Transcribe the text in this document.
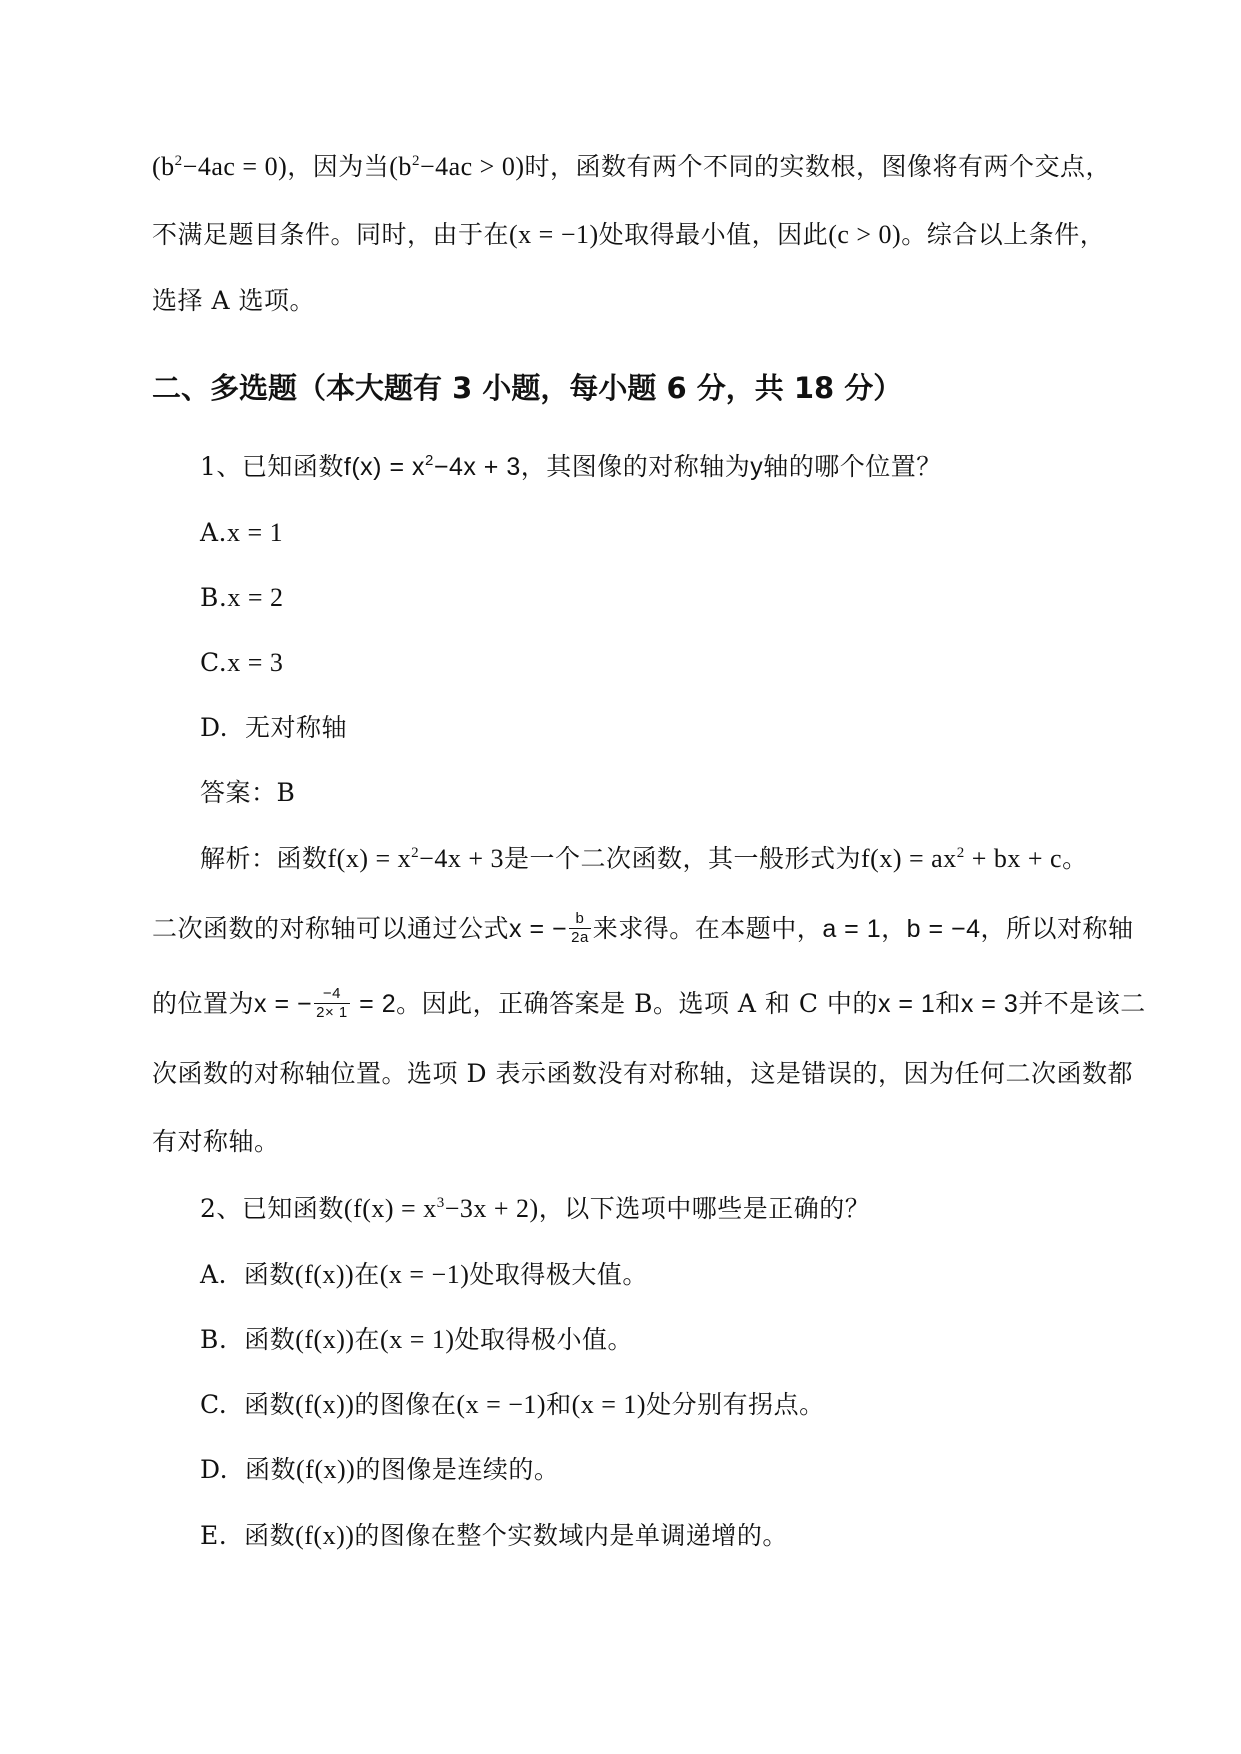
$(b^2-4ac = 0)$，因为当$(b^2-4ac > 0)$时，函数有两个不同的实数根，图像将有两个交点，
不满足题目条件。同时，由于在(x = −1)处取得最小值，因此(c > 0)。综合以上条件，
选择 A 选项。
二、多选题（本大题有 3 小题，每小题 6 分，共 18 分）
1、已知函数$f(x) = x^2-4x + 3$，其图像的对称轴为y轴的哪个位置？
A.x = 1
B.x = 2
C.x = 3
D.  无对称轴
答案：B
解析：函数$f(x) = x^2-4x + 3$是一个二次函数，其一般形式为$f(x) = ax^2$ + bx + c。
二次函数的对称轴可以通过公式x = − $\frac{b}{2a}$ 来求得。在本题中，a = 1，b = −4，所以对称轴
的位置为x = − $\frac{-4}{2\times 1} = 2$。因此，正确答案是 B。选项 A 和 C 中的x = 1和x = 3并不是该二
次函数的对称轴位置。选项 D 表示函数没有对称轴，这是错误的，因为任何二次函数都
有对称轴。
2、已知函数$(f(x) = x^3-3x + 2)$，以下选项中哪些是正确的？
A.  函数(f(x))在(x = −1)处取得极大值。
B.  函数(f(x))在(x = 1)处取得极小值。
C.  函数(f(x))的图像在(x = −1)和(x = 1)处分别有拐点。
D.  函数(f(x))的图像是连续的。
E.  函数(f(x))的图像在整个实数域内是单调递增的。
